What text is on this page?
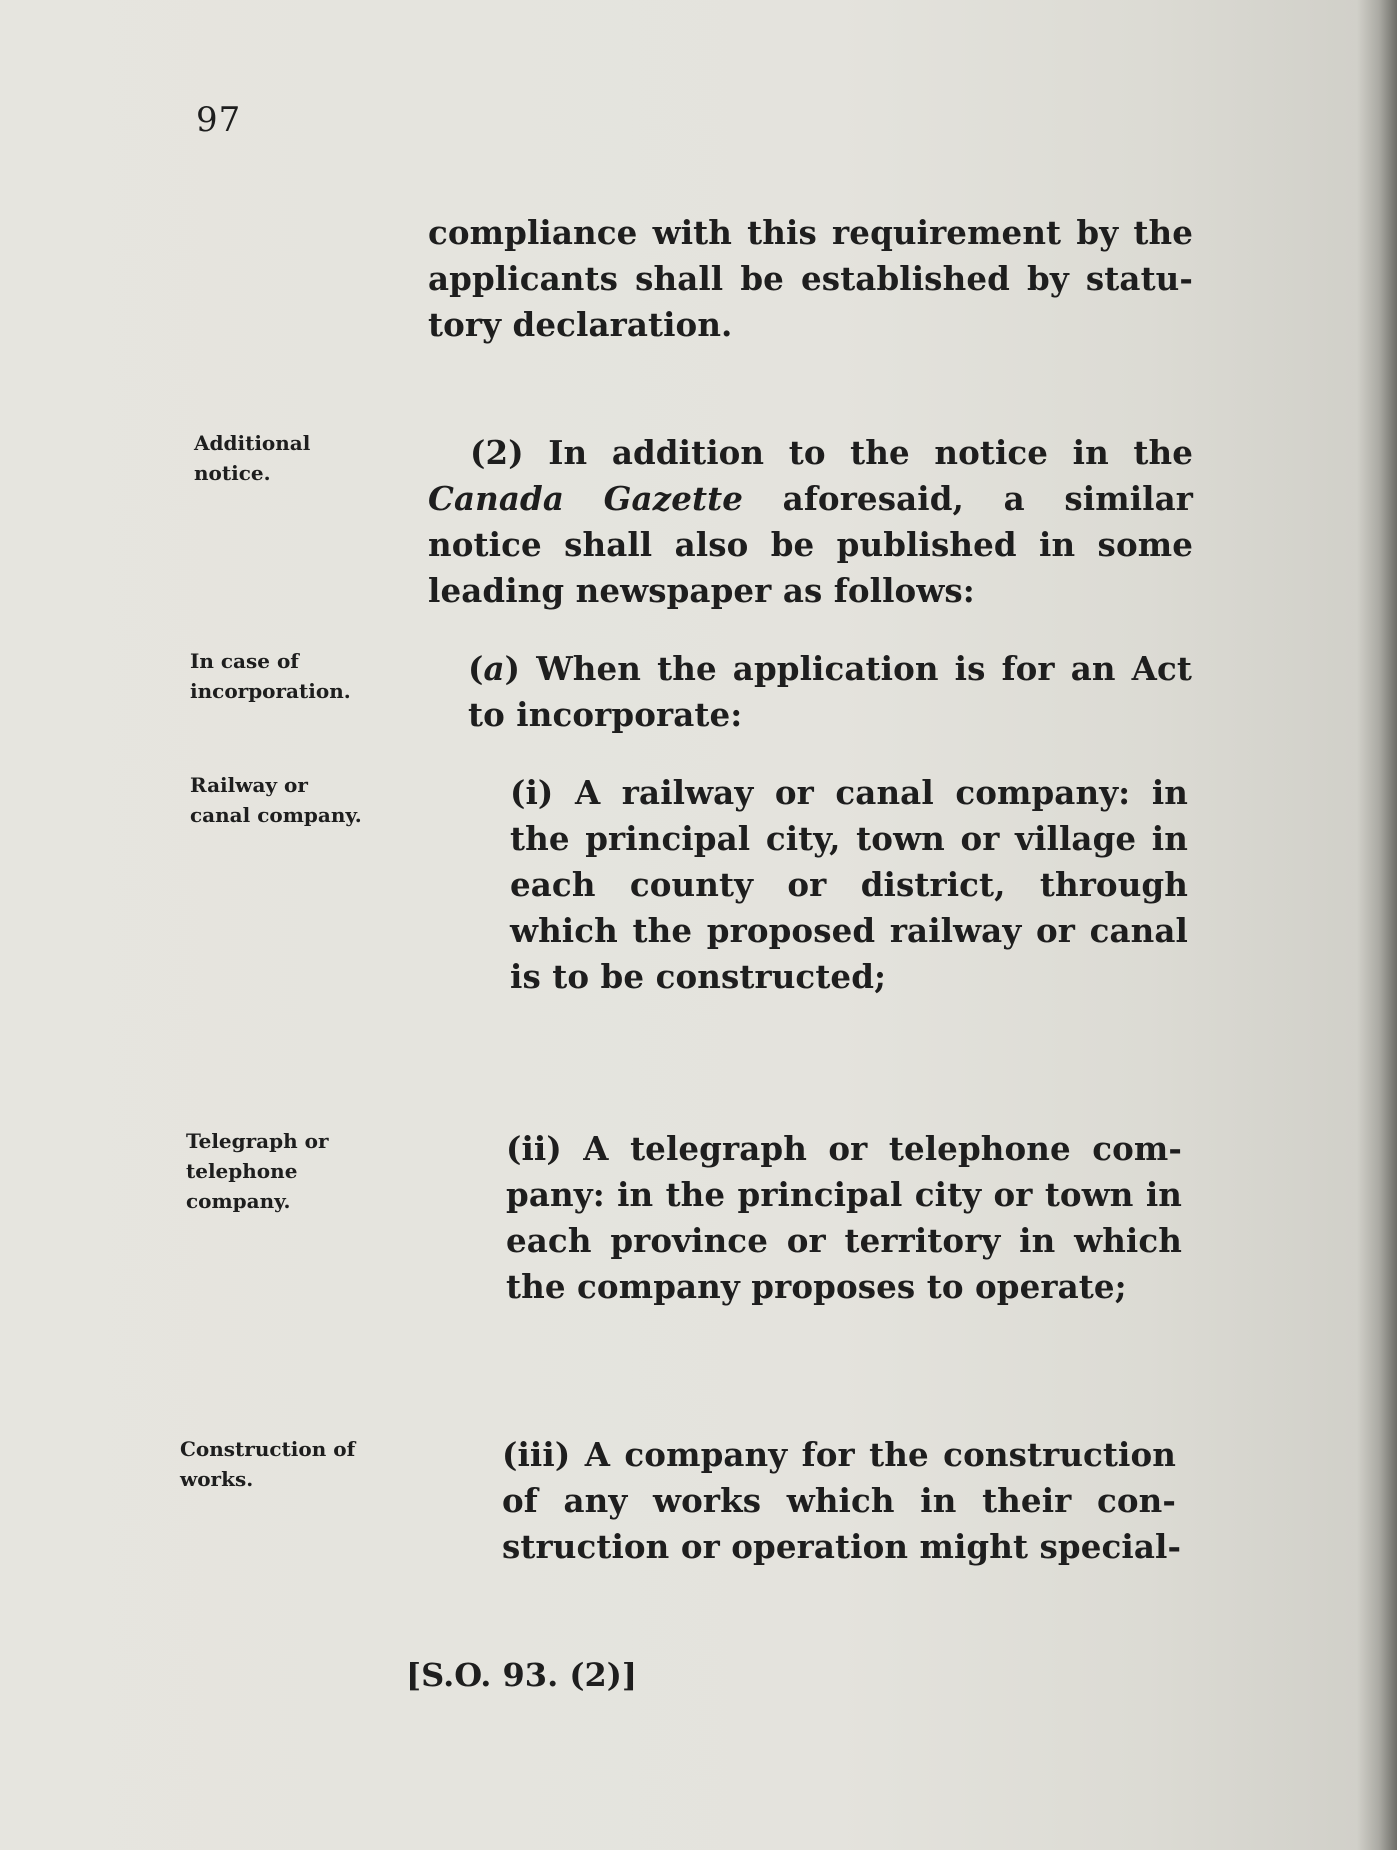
97
compliance with this requirement by the
applicants shall be established by statu-
tory declaration.
Additional
notice.
(2) In addition to the notice in the
Canada Gazette aforesaid, a similar
notice shall also be published in some
leading newspaper as follows:
In case of
incorporation.
(a) When the application is for an Act
to incorporate:
Railway or
canal company.
(i) A railway or canal company: in
the principal city, town or village in
each county or district, through
which the proposed railway or canal
is to be constructed;
Telegraph or
telephone
company.
(ii) A telegraph or telephone com-
pany: in the principal city or town in
each province or territory in which
the company proposes to operate;
Construction of
works.
(iii) A company for the construction
of any works which in their con-
struction or operation might special-
[S.O. 93. (2)]
